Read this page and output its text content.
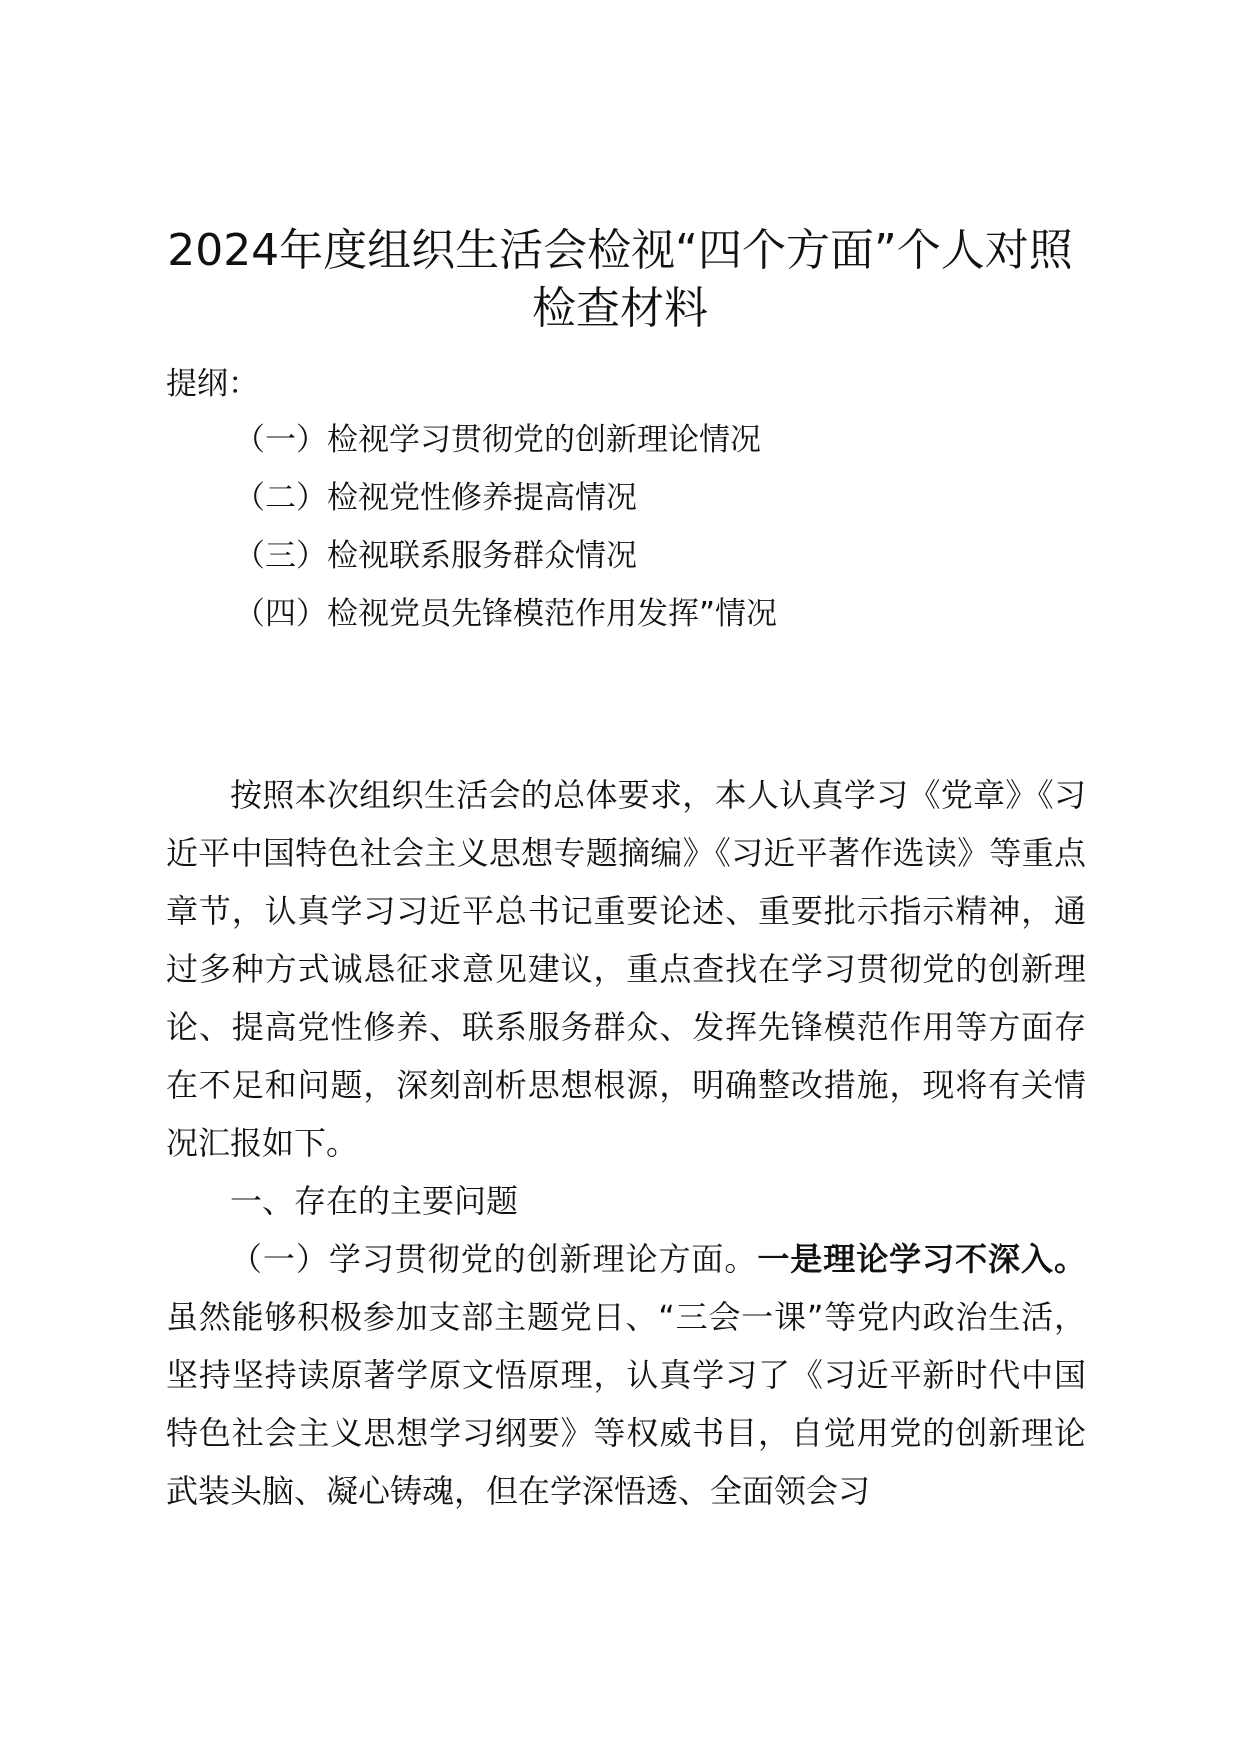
2024年度组织生活会检视“四个方面”个人对照检查材料
提纲：
（一）检视学习贯彻党的创新理论情况
（二）检视党性修养提高情况
（三）检视联系服务群众情况
（四）检视党员先锋模范作用发挥”情况

按照本次组织生活会的总体要求，本人认真学习《党章》《习近平中国特色社会主义思想专题摘编》《习近平著作选读》等重点章节，认真学习习近平总书记重要论述、重要批示指示精神，通过多种方式诚恳征求意见建议，重点查找在学习贯彻党的创新理论、提高党性修养、联系服务群众、发挥先锋模范作用等方面存在不足和问题，深刻剖析思想根源，明确整改措施，现将有关情况汇报如下。

一、存在的主要问题

（一）学习贯彻党的创新理论方面。一是理论学习不深入。虽然能够积极参加支部主题党日、“三会一课”等党内政治生活，坚持坚持读原著学原文悟原理，认真学习了《习近平新时代中国特色社会主义思想学习纲要》等权威书目，自觉用党的创新理论武装头脑、凝心铸魂，但在学深悟透、全面领会习
